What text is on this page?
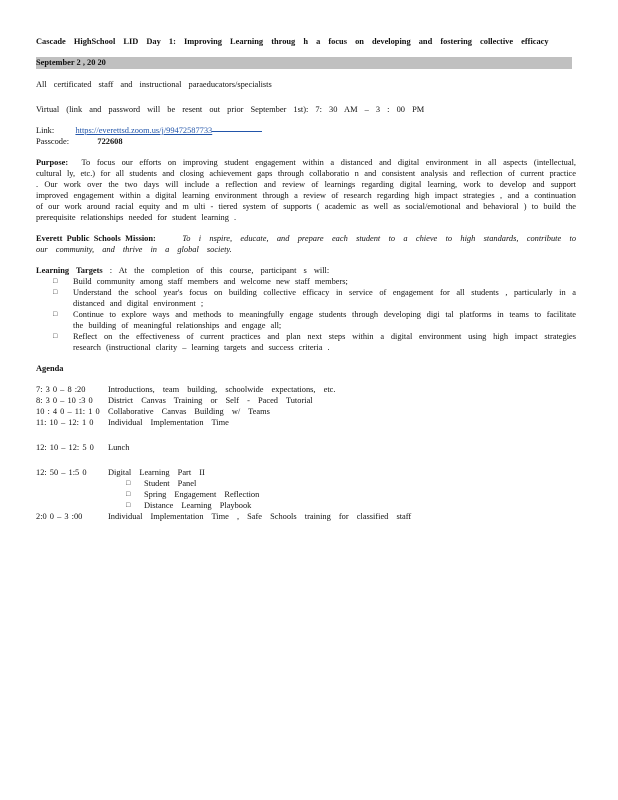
Cascade HighSchool LID Day 1: Improving Learning throug h a focus on developing and fostering collective efficacy
September 2 , 20 20
All certificated staff and instructional paraeducators/specialists
Virtual (link and password will be resent out prior September 1st): 7: 30 AM – 3 : 00 PM
Link:	https://everettsd.zoom.us/j/99472587733
Passcode:	722608
Purpose: To focus our efforts on improving student engagement within a distanced and digital environment in all aspects (intellectual, cultural ly, etc.) for all students and closing achievement gaps through collaboratio n and consistent analysis and reflection of current practice . Our work over the two days will include a reflection and review of learnings regarding digital learning, work to develop and support improved engagement within a digital learning environment through a review of research regarding high impact strategies , and a continuation of our work around racial equity and m ulti - tiered system of supports ( academic as well as social/emotional and behavioral ) to build the prerequisite relationships needed for student learning .
Everett Public Schools Mission:	To i nspire, educate, and prepare each student to a chieve to high standards, contribute to our community, and thrive in a global society.
Learning Targets : At the completion of this course, participant s will:
□ Build community among staff members and welcome new staff members;
□ Understand the school year's focus on building collective efficacy in service of engagement for all students , particularly in a distanced and digital environment ;
□ Continue to explore ways and methods to meaningfully engage students through developing digi tal platforms in teams to facilitate the building of meaningful relationships and engage all;
□ Reflect on the effectiveness of current practices and plan next steps within a digital environment using high impact strategies research (instructional clarity – learning targets and success criteria .
Agenda
7: 3 0 – 8 :20	Introductions, team building, schoolwide expectations, etc.
8: 3 0 – 10 :3 0	District Canvas Training or Self - Paced Tutorial
10 : 4 0 – 11: 1 0 Collaborative Canvas Building w/ Teams
11: 10 – 12: 1 0	Individual Implementation Time
12: 10 – 12: 5 0	Lunch
12: 50 – 1:5 0	Digital Learning Part II
□ Student Panel
□ Spring Engagement Reflection
□ Distance Learning Playbook
2:0 0 – 3 :00	Individual Implementation Time , Safe Schools training for classified staff
